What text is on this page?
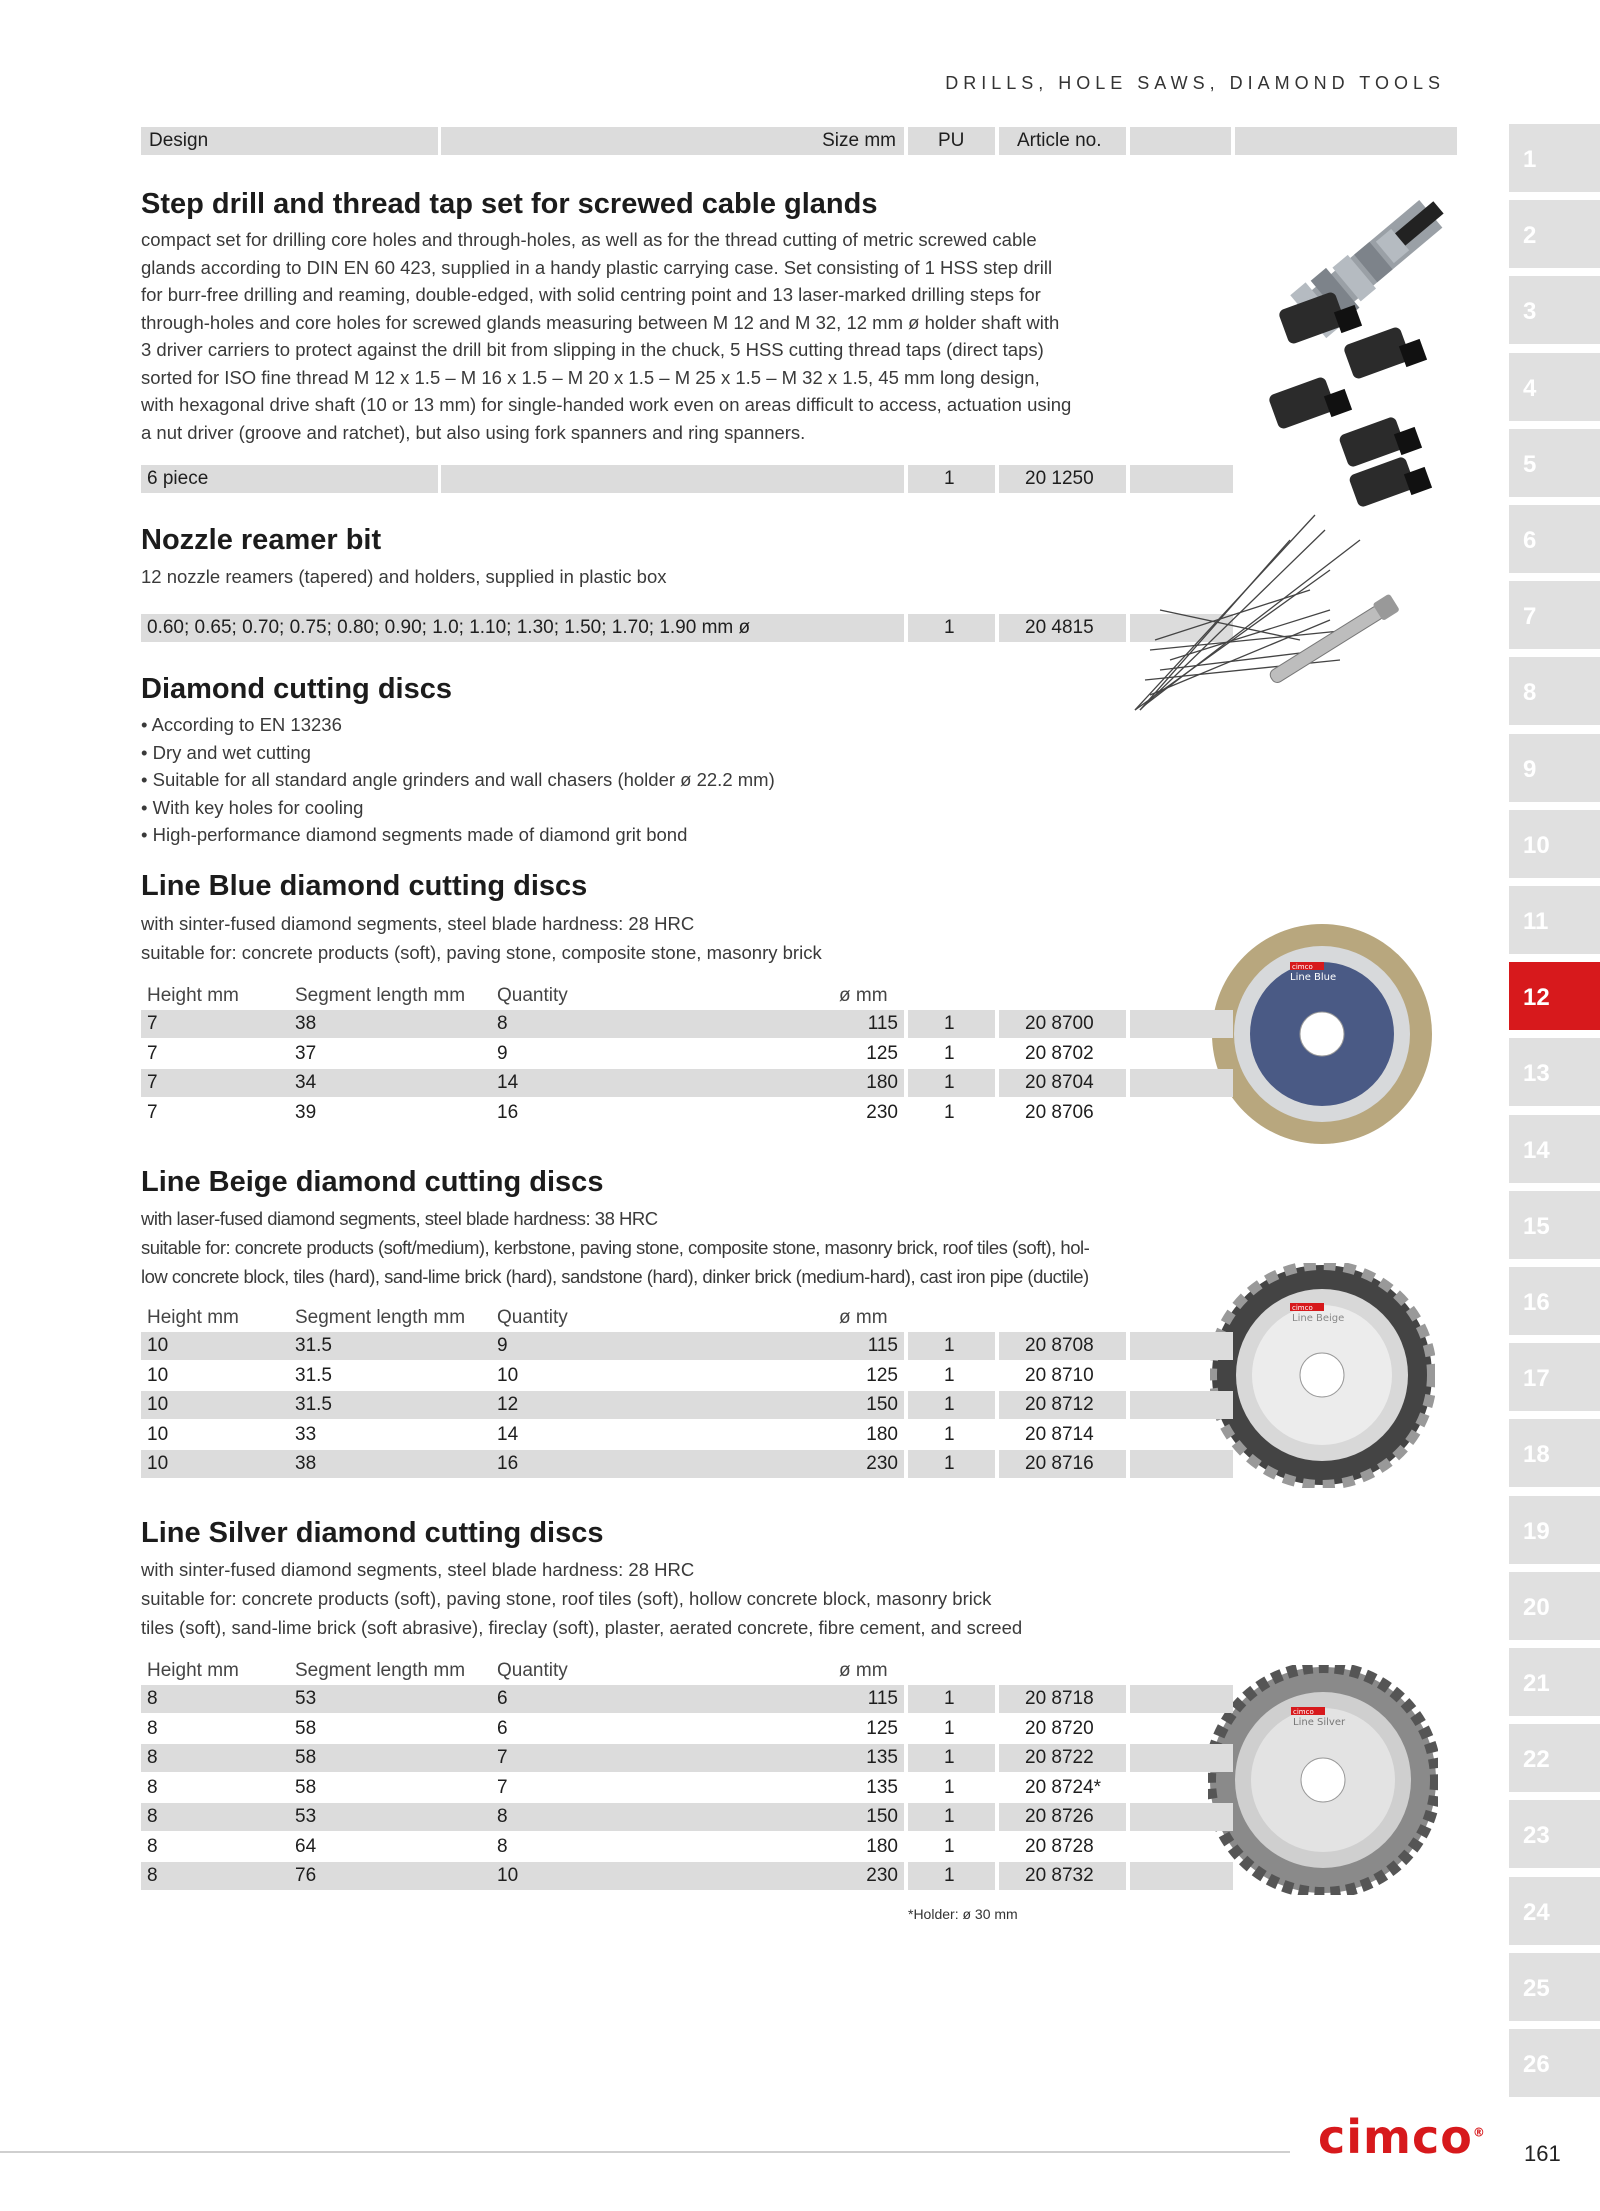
DRILLS, HOLE SAWS, DIAMOND TOOLS
Design	Size mm	PU	Article no.
Step drill and thread tap set for screwed cable glands
compact set for drilling core holes and through-holes, as well as for the thread cutting of metric screwed cable
glands according to DIN EN 60 423, supplied in a handy plastic carrying case. Set consisting of 1 HSS step drill
for burr-free drilling and reaming, double-edged, with solid centring point and 13 laser-marked drilling steps for
through-holes and core holes for screwed glands measuring between M 12 and M 32, 12 mm ø holder shaft with
3 driver carriers to protect against the drill bit from slipping in the chuck, 5 HSS cutting thread taps (direct taps)
sorted for ISO fine thread M 12 x 1.5 – M 16 x 1.5 – M 20 x 1.5 – M 25 x 1.5 – M 32 x 1.5, 45 mm long design,
with hexagonal drive shaft (10 or 13 mm) for single-handed work even on areas difficult to access, actuation using
a nut driver (groove and ratchet), but also using fork spanners and ring spanners.
6 piece	1	20 1250
Nozzle reamer bit
12 nozzle reamers (tapered) and holders, supplied in plastic box
0.60; 0.65; 0.70; 0.75; 0.80; 0.90; 1.0; 1.10; 1.30; 1.50; 1.70; 1.90 mm ø	1	20 4815
Diamond cutting discs
• According to EN 13236
• Dry and wet cutting
• Suitable for all standard angle grinders and wall chasers (holder ø 22.2 mm)
• With key holes for cooling
• High-performance diamond segments made of diamond grit bond
Line Blue diamond cutting discs
with sinter-fused diamond segments, steel blade hardness: 28 HRC
suitable for: concrete products (soft), paving stone, composite stone, masonry brick
Line Beige diamond cutting discs
with laser-fused diamond segments, steel blade hardness: 38 HRC
suitable for: concrete products (soft/medium), kerbstone, paving stone, composite stone, masonry brick, roof tiles (soft), hol-
low concrete block, tiles (hard), sand-lime brick (hard), sandstone (hard), dinker brick (medium-hard), cast iron pipe (ductile)
Line Silver diamond cutting discs
with sinter-fused diamond segments, steel blade hardness: 28 HRC
suitable for: concrete products (soft), paving stone, roof tiles (soft), hollow concrete block, masonry brick
tiles (soft), sand-lime brick (soft abrasive), fireclay (soft), plaster, aerated concrete, fibre cement, and screed
*Holder: ø 30 mm
Line Blue
cimco
Line Beige
cimco
Line Silver
cimco
1
2
3
4
5
6
7
8
9
10
11
12
13
14
15
16
17
18
19
20
21
22
23
24
25
26
cimco®
161
Height mm	Segment length mm	Quantity	ø mm
7	38	8	115	1	20 8700
7	37	9	125	1	20 8702
7	34	14	180	1	20 8704
7	39	16	230	1	20 8706
Height mm	Segment length mm	Quantity	ø mm
10	31.5	9	115	1	20 8708
10	31.5	10	125	1	20 8710
10	31.5	12	150	1	20 8712
10	33	14	180	1	20 8714
10	38	16	230	1	20 8716
Height mm	Segment length mm	Quantity	ø mm
8	53	6	115	1	20 8718
8	58	6	125	1	20 8720
8	58	7	135	1	20 8722
8	58	7	135	1	20 8724*
8	53	8	150	1	20 8726
8	64	8	180	1	20 8728
8	76	10	230	1	20 8732
